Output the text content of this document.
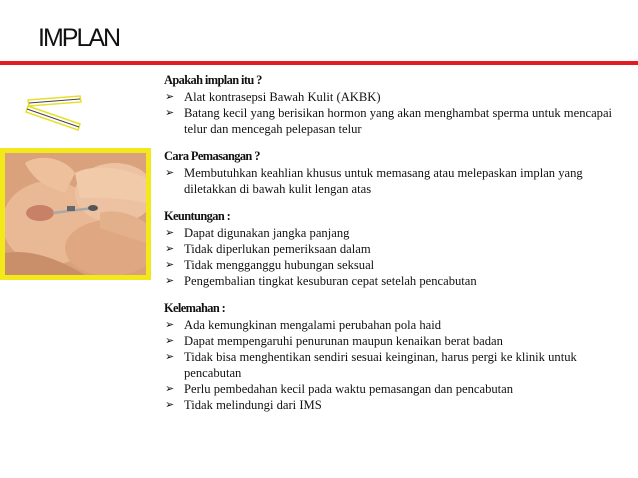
IMPLAN
Apakah implan itu ?
➢ Alat kontrasepsi Bawah Kulit (AKBK)
➢ Batang kecil yang berisikan hormon yang akan menghambat sperma untuk mencapai telur dan mencegah pelepasan telur
Cara Pemasangan ?
➢ Membutuhkan keahlian khusus untuk memasang atau melepaskan implan yang diletakkan di bawah kulit lengan atas
Keuntungan :
➢ Dapat digunakan jangka panjang
➢ Tidak diperlukan pemeriksaan dalam
➢ Tidak mengganggu hubungan seksual
➢ Pengembalian tingkat kesuburan cepat setelah pencabutan
Kelemahan :
➢ Ada kemungkinan mengalami perubahan pola haid
➢ Dapat mempengaruhi penurunan maupun kenaikan berat badan
➢ Tidak bisa menghentikan sendiri sesuai keinginan, harus pergi ke klinik untuk pencabutan
➢ Perlu pembedahan kecil pada waktu pemasangan dan pencabutan
➢ Tidak melindungi dari IMS
